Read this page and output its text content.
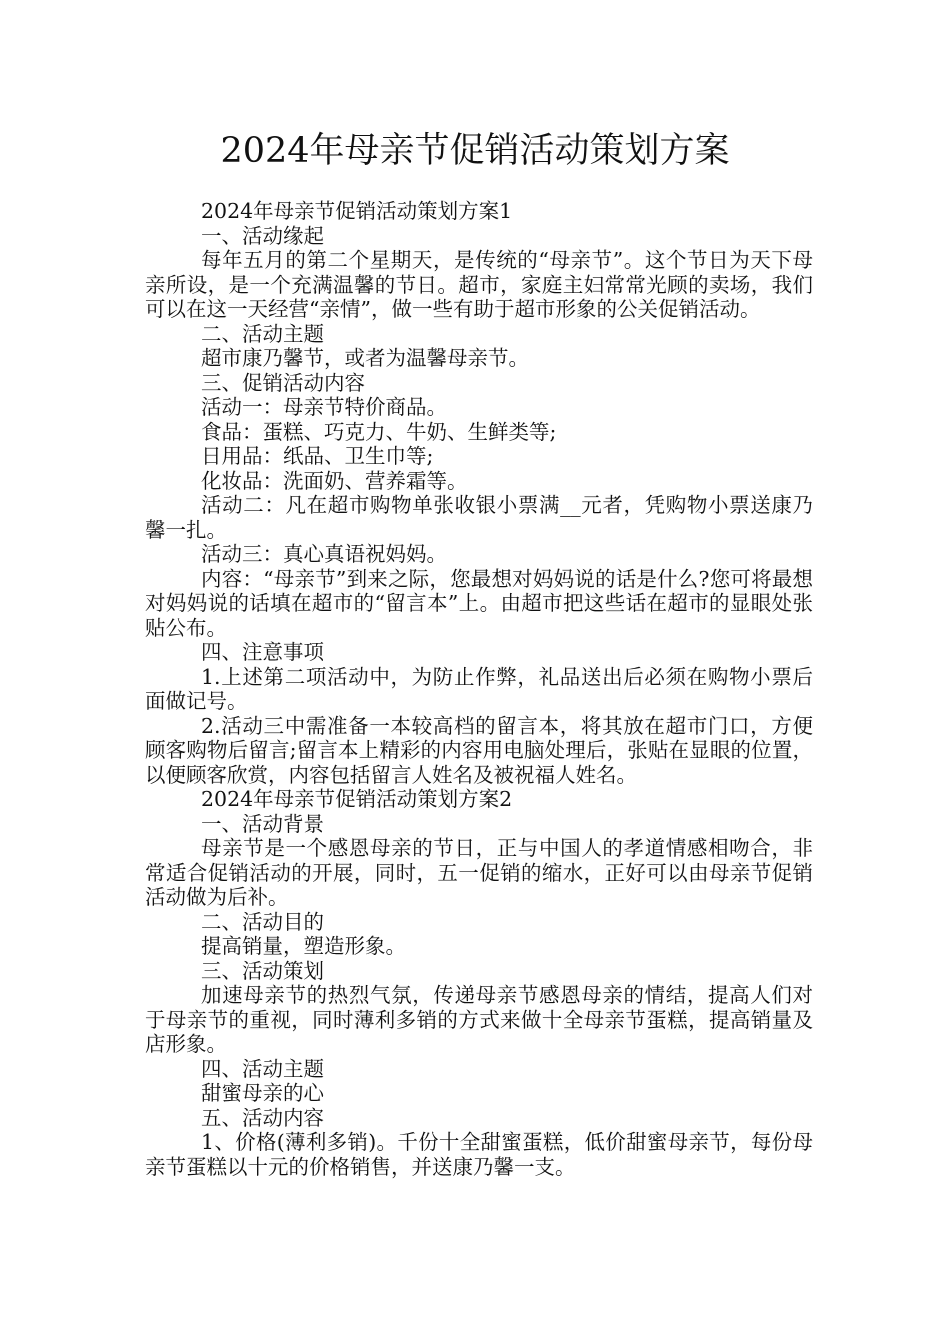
2024年母亲节促销活动策划方案

2024年母亲节促销活动策划方案1

一、活动缘起

每年五月的第二个星期天，是传统的“母亲节”。这个节日为天下母亲所设，是一个充满温馨的节日。超市，家庭主妇常常光顾的卖场，我们可以在这一天经营“亲情”，做一些有助于超市形象的公关促销活动。

二、活动主题

超市康乃馨节，或者为温馨母亲节。

三、促销活动内容

活动一：母亲节特价商品。

食品：蛋糕、巧克力、牛奶、生鲜类等;

日用品：纸品、卫生巾等;

化妆品：洗面奶、营养霜等。

活动二：凡在超市购物单张收银小票满__元者，凭购物小票送康乃馨一扎。

活动三：真心真语祝妈妈。

内容：“母亲节”到来之际，您最想对妈妈说的话是什么?您可将最想对妈妈说的话填在超市的“留言本”上。由超市把这些话在超市的显眼处张贴公布。

四、注意事项

1.上述第二项活动中，为防止作弊，礼品送出后必须在购物小票后面做记号。

2.活动三中需准备一本较高档的留言本，将其放在超市门口，方便顾客购物后留言;留言本上精彩的内容用电脑处理后，张贴在显眼的位置，以便顾客欣赏，内容包括留言人姓名及被祝福人姓名。

2024年母亲节促销活动策划方案2

一、活动背景

母亲节是一个感恩母亲的节日，正与中国人的孝道情感相吻合，非常适合促销活动的开展，同时，五一促销的缩水，正好可以由母亲节促销活动做为后补。

二、活动目的

提高销量，塑造形象。

三、活动策划

加速母亲节的热烈气氛，传递母亲节感恩母亲的情结，提高人们对于母亲节的重视，同时薄利多销的方式来做十全母亲节蛋糕，提高销量及店形象。

四、活动主题

甜蜜母亲的心

五、活动内容

1、价格(薄利多销)。千份十全甜蜜蛋糕，低价甜蜜母亲节，每份母亲节蛋糕以十元的价格销售，并送康乃馨一支。
